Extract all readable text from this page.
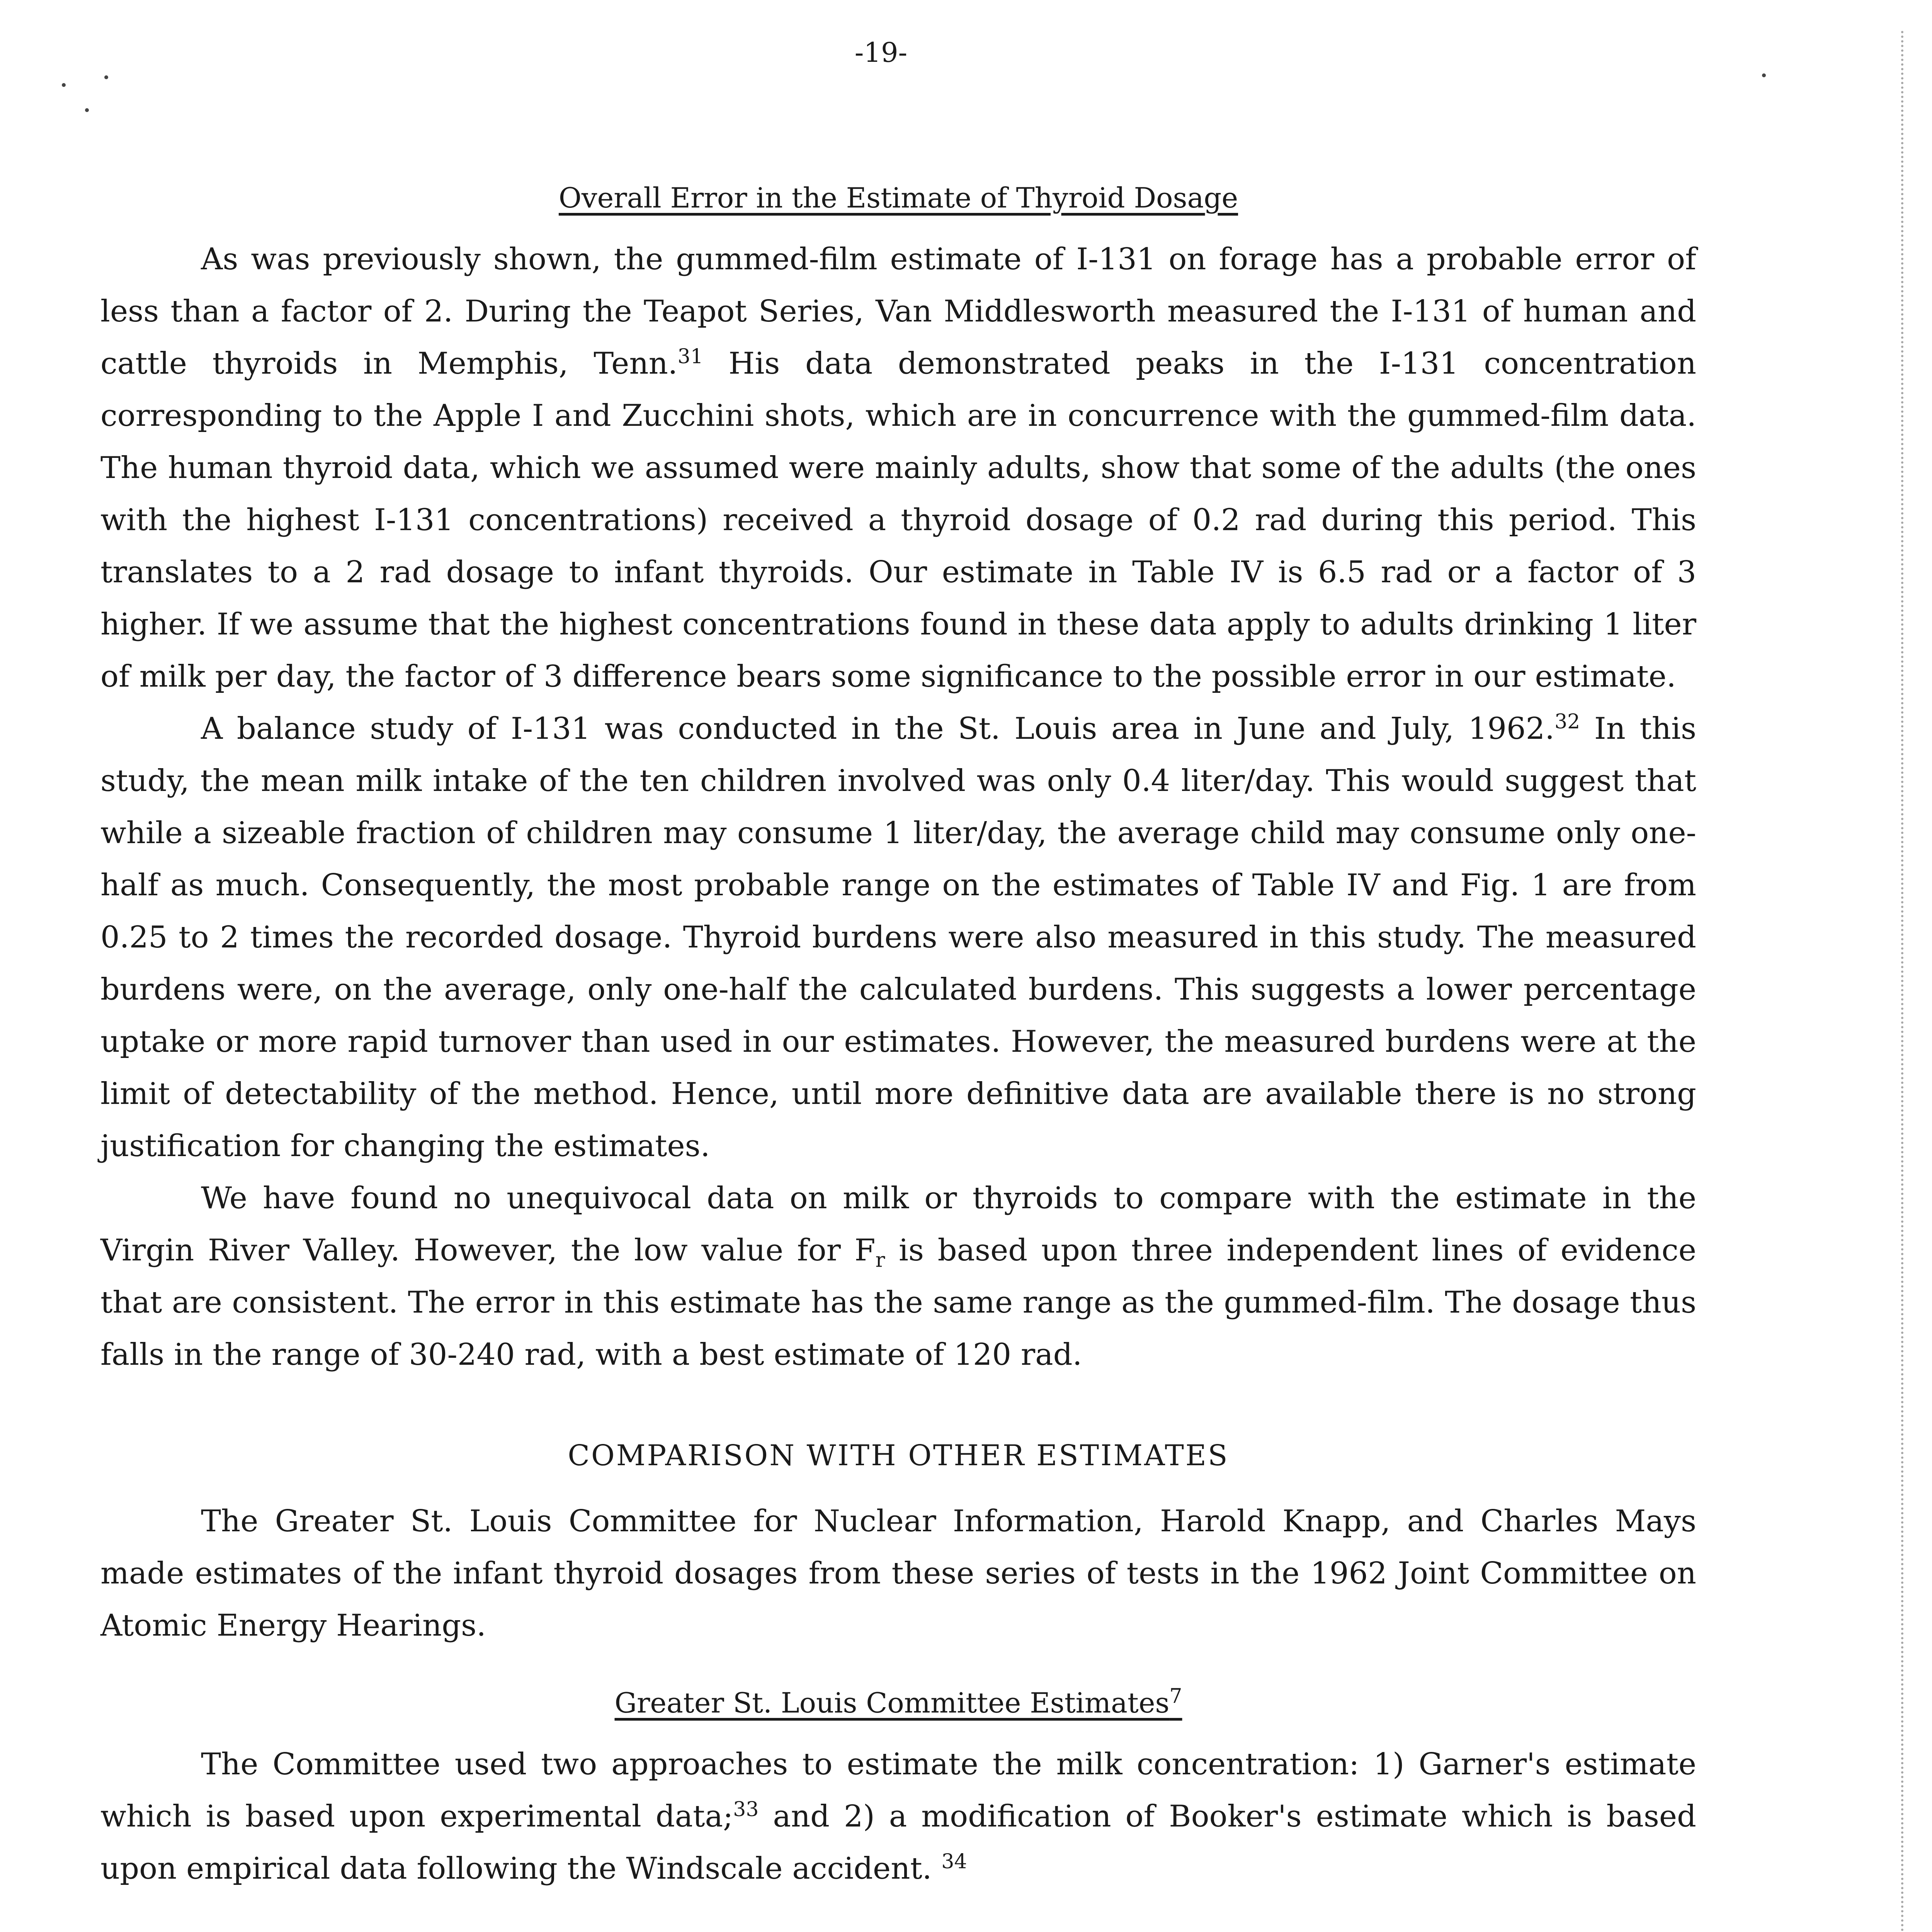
-19-
Overall Error in the Estimate of Thyroid Dosage

As was previously shown, the gummed-film estimate of I-131 on forage has a probable error of less than a factor of 2. During the Teapot Series, Van Middlesworth measured the I-131 of human and cattle thyroids in Memphis, Tenn.$^{31}$ His data demonstrated peaks in the I-131 concentration corresponding to the Apple I and Zucchini shots, which are in concurrence with the gummed-film data. The human thyroid data, which we assumed were mainly adults, show that some of the adults (the ones with the highest I-131 concentrations) received a thyroid dosage of 0.2 rad during this period. This translates to a 2 rad dosage to infant thyroids. Our estimate in Table IV is 6.5 rad or a factor of 3 higher. If we assume that the highest concentrations found in these data apply to adults drinking 1 liter of milk per day, the factor of 3 difference bears some significance to the possible error in our estimate.

A balance study of I-131 was conducted in the St. Louis area in June and July, 1962.32 In this study, the mean milk intake of the ten children involved was only 0.4 liter/day. This would suggest that while a sizeable fraction of children may consume 1 liter/day, the average child may consume only one-half as much. Consequently, the most probable range on the estimates of Table IV and Fig. 1 are from 0.25 to 2 times the recorded dosage. Thyroid burdens were also measured in this study. The measured burdens were, on the average, only one-half the calculated burdens. This suggests a lower percentage uptake or more rapid turnover than used in our estimates. However, the measured burdens were at the limit of detectability of the method. Hence, until more definitive data are available there is no strong justification for changing the estimates.

We have found no unequivocal data on milk or thyroids to compare with the estimate in the Virgin River Valley. However, the low value for $F_r$ is based upon three independent lines of evidence that are consistent. The error in this estimate has the same range as the gummed-film. The dosage thus falls in the range of 30-240 rad, with a best estimate of 120 rad.

COMPARISON WITH OTHER ESTIMATES

The Greater St. Louis Committee for Nuclear Information, Harold Knapp, and Charles Mays made estimates of the infant thyroid dosages from these series of tests in the 1962 Joint Committee on Atomic Energy Hearings.

Greater St. Louis Committee Estimates$^7$

The Committee used two approaches to estimate the milk concentration: 1) Garner's estimate which is based upon experimental data;$^{33}$ and 2) a modification of Booker's estimate which is based upon empirical data following the Windscale accident. $^{34}$
